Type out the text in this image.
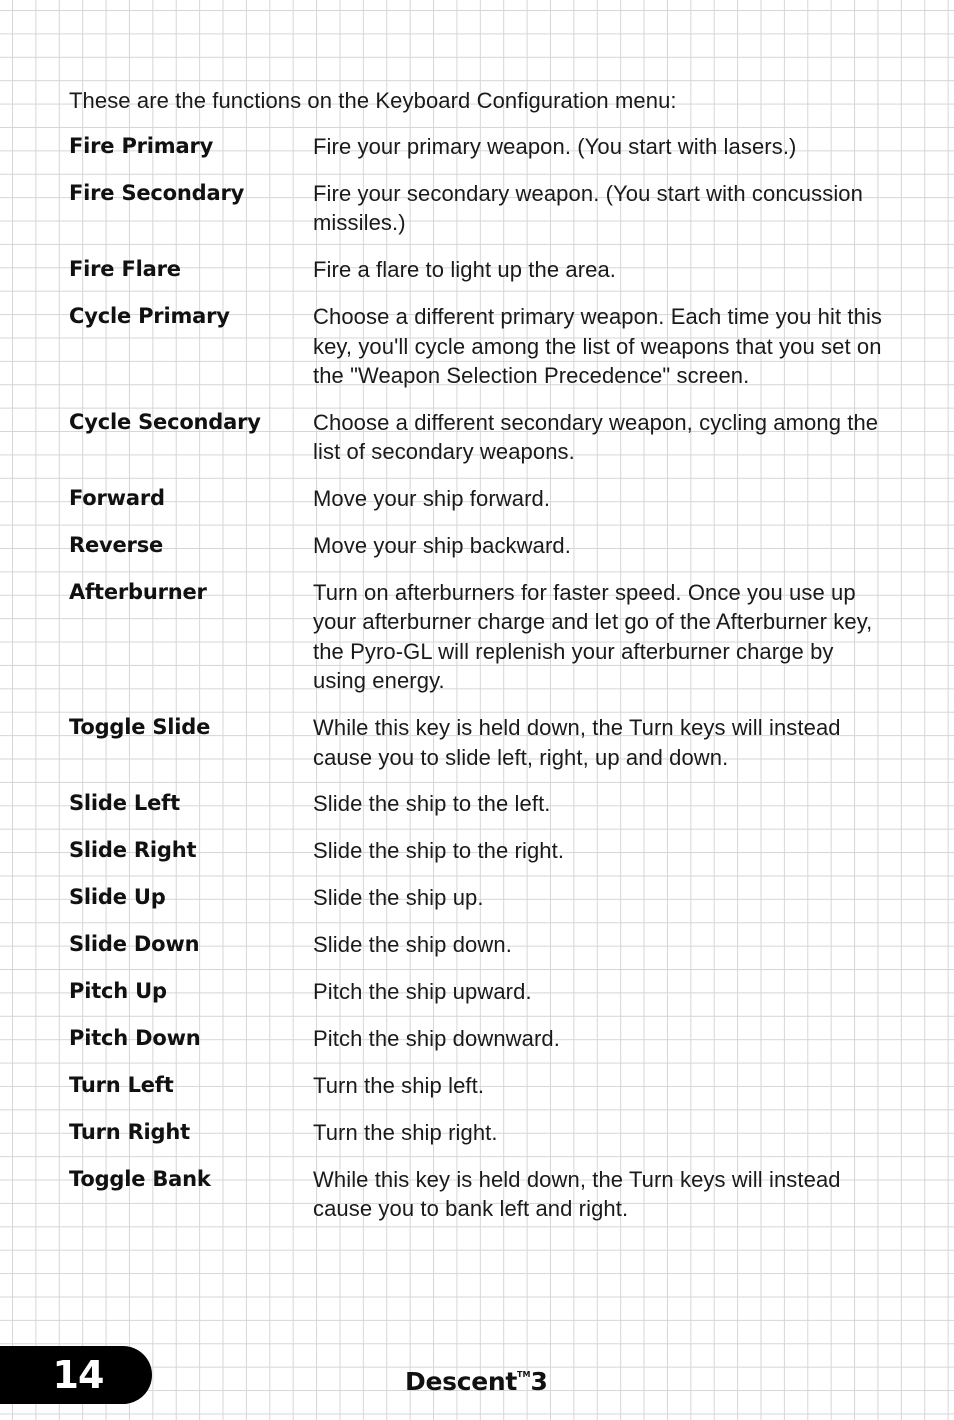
These are the functions on the Keyboard Configuration menu:

Fire Primary	Fire your primary weapon. (You start with lasers.)
Fire Secondary	Fire your secondary weapon. (You start with concussion missiles.)
Fire Flare	Fire a flare to light up the area.
Cycle Primary	Choose a different primary weapon. Each time you hit this key, you'll cycle among the list of weapons that you set on the "Weapon Selection Precedence" screen.
Cycle Secondary	Choose a different secondary weapon, cycling among the list of secondary weapons.
Forward	Move your ship forward.
Reverse	Move your ship backward.
Afterburner	Turn on afterburners for faster speed. Once you use up your afterburner charge and let go of the Afterburner key, the Pyro-GL will replenish your afterburner charge by using energy.
Toggle Slide	While this key is held down, the Turn keys will instead cause you to slide left, right, up and down.
Slide Left	Slide the ship to the left.
Slide Right	Slide the ship to the right.
Slide Up	Slide the ship up.
Slide Down	Slide the ship down.
Pitch Up	Pitch the ship upward.
Pitch Down	Pitch the ship downward.
Turn Left	Turn the ship left.
Turn Right	Turn the ship right.
Toggle Bank	While this key is held down, the Turn keys will instead cause you to bank left and right.
14	Descent™3
